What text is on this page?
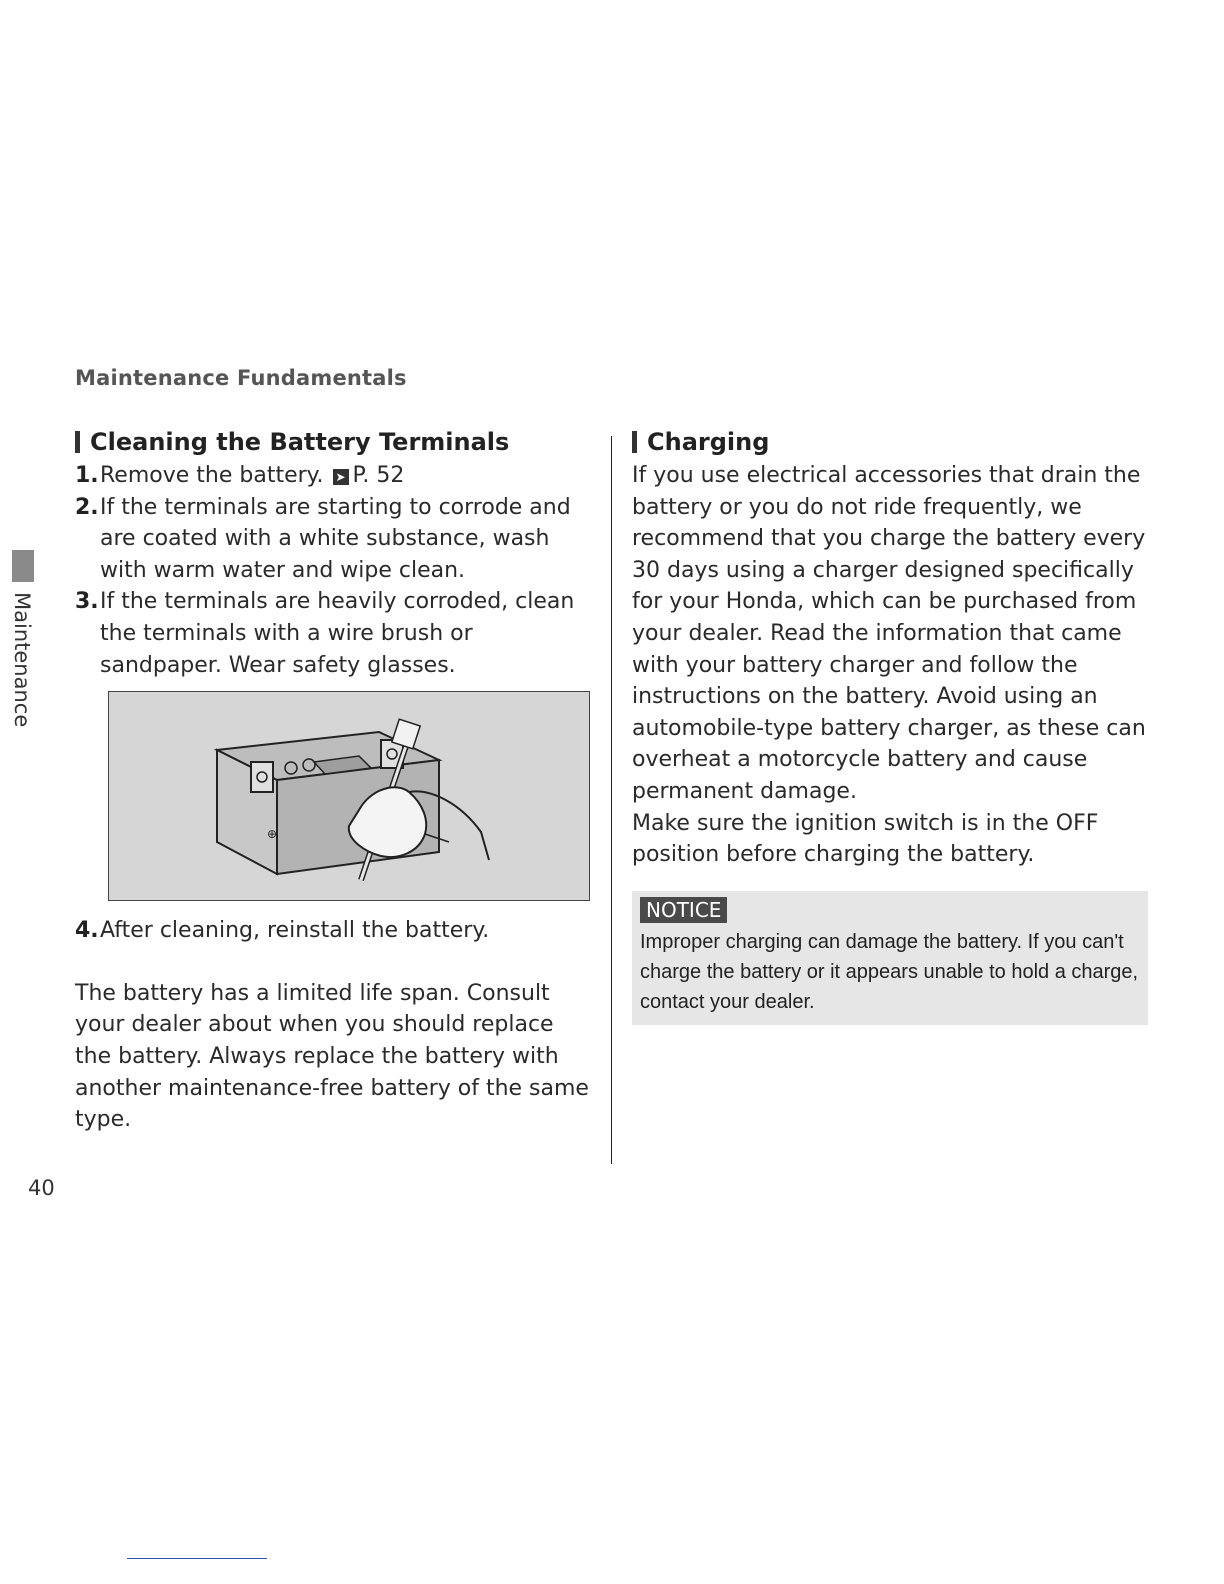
Maintenance Fundamentals
Maintenance
Cleaning the Battery Terminals
1. Remove the battery. ➤ P. 52
2. If the terminals are starting to corrode and are coated with a white substance, wash with warm water and wipe clean.
3. If the terminals are heavily corroded, clean the terminals with a wire brush or sandpaper. Wear safety glasses.
⊕
4. After cleaning, reinstall the battery.

The battery has a limited life span. Consult your dealer about when you should replace the battery. Always replace the battery with another maintenance-free battery of the same type.

Charging

If you use electrical accessories that drain the battery or you do not ride frequently, we recommend that you charge the battery every 30 days using a charger designed specifically for your Honda, which can be purchased from your dealer. Read the information that came with your battery charger and follow the instructions on the battery. Avoid using an automobile-type battery charger, as these can overheat a motorcycle battery and cause permanent damage.

Make sure the ignition switch is in the OFF position before charging the battery.

NOTICE

Improper charging can damage the battery. If you can't charge the battery or it appears unable to hold a charge, contact your dealer.

40
